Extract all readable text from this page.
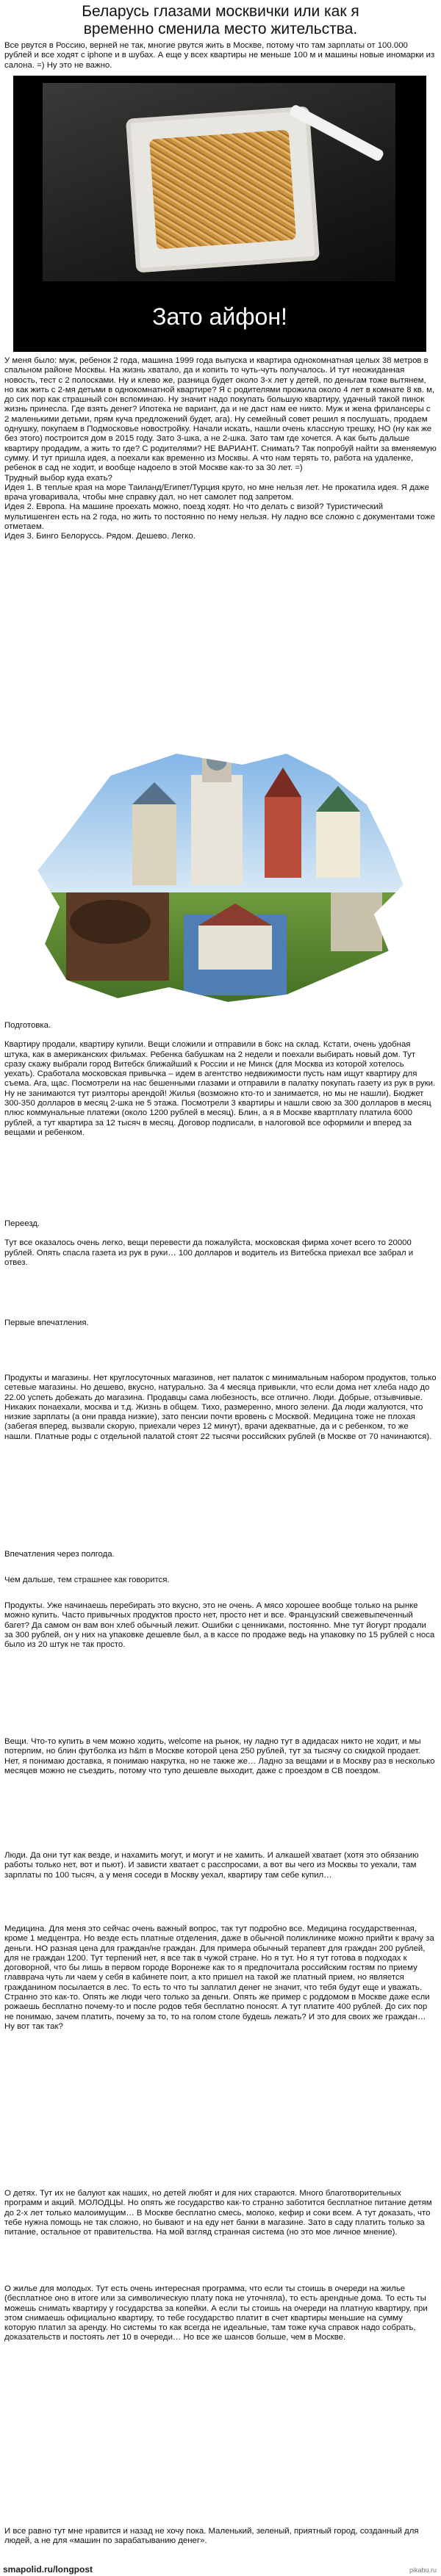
Беларусь глазами москвички или как я
временно сменила место жительства.

Все рвутся в Россию, верней не так, многие рвутся жить в Москве, потому что там зарплаты от 100.000 рублей и все ходят с iphone и в шубах. А еще у всех квартиры не меньше 100 м и машины новые иномарки из салона. =) Ну это не важно.

Зато айфон!
У меня было: муж, ребенок 2 года, машина 1999 года выпуска и квартира однокомнатная целых 38 метров в спальном районе Москвы. На жизнь хватало, да и копить то чуть-чуть получалось. И тут неожиданная новость, тест с 2 полосками. Ну и клево же, разница будет около 3-х лет у детей, по деньгам тоже вытянем, но как жить с 2-мя детьми в однокомнатной квартире? Я с родителями прожила около 4 лет в комнате 8 кв. м, до сих пор как страшный сон вспоминаю. Ну значит надо покупать большую квартиру, удачный такой пинок жизнь принесла. Где взять денег? Ипотека не вариант, да и не даст нам ее никто. Муж и жена фрилансеры с 2 маленькими детьми, прям куча предложений будет, ага). Ну семейный совет решил я послушать, продаем однушку, покупаем в Подмосковье новостройку. Начали искать, нашли очень классную трешку, НО (ну как же без этого) построится дом в 2015 году. Зато 3-шка, а не 2-шка. Зато там где хочется. А как быть дальше квартиру продадим, а жить то где? С родителями? НЕ ВАРИАНТ. Снимать? Так попробуй найти за вменяемую сумму. И тут пришла идея, а поехали как временно из Москвы. А что нам терять то, работа на удаленке, ребенок в сад не ходит, и вообще надоело в этой Москве как-то за 30 лет. =)
Трудный выбор куда ехать?
Идея 1. В теплые края на море Таиланд/Египет/Турция круто, но мне нельзя лет. Не прокатила идея. Я даже врача уговаривала, чтобы мне справку дал, но нет самолет под запретом.
Идея 2. Европа. На машине проехать можно, поезд ходят. Но что делать с визой? Туристический мультишенген есть на 2 года, но жить то постоянно по нему нельзя. Ну ладно все сложно с документами тоже отметаем.
Идея 3. Бинго Белоруссь. Рядом. Дешево. Легко.
Подготовка.
Квартиру продали, квартиру купили. Вещи сложили и отправили в бокс на склад. Кстати, очень удобная штука, как в американских фильмах. Ребенка бабушкам на 2 недели и поехали выбирать новый дом. Тут сразу скажу выбрали город Витебск ближайший к России и не Минск (для Москва из которой хотелось уехать). Сработала московская привычка – идем в агентство недвижимости пусть нам ищут квартиру для съема. Ага, щас. Посмотрели на наc бешенными глазами и отправили в палатку покупать газету из рук в руки. Ну не занимаются тут риэлторы арендой! Жилья (возможно кто-то и занимается, но мы не нашли). Бюджет 300-350 долларов в месяц 2-шка не 5 этажа. Посмотрели 3 квартиры и нашли свою за 300 долларов в месяц плюс коммунальные платежи (около 1200 рублей в месяц). Блин, а я в Москве квартплату платила 6000 рублей, а тут квартира за 12 тысяч в месяц. Договор подписали, в налоговой все оформили и вперед за вещами и ребенком.
Переезд.
Тут все оказалось очень легко, вещи перевести да пожалуйста, московская фирма хочет всего то 20000 рублей. Опять спасла газета из рук в руки… 100 долларов и водитель из Витебска приехал все забрал и отвез.

Первые впечатления.

Продукты и магазины. Нет круглосуточных магазинов, нет палаток с минимальным набором продуктов, только сетевые магазины. Но дешево, вкусно, натурально. За 4 месяца привыкли, что если дома нет хлеба надо до 22.00 успеть добежать до магазина. Продавцы сама любезность, все отлично. Люди. Добрые, отзывчивые. Никаких понаехали, москва и т.д. Жизнь в общем. Тихо, размеренно, много зелени. Да люди жалуются, что низкие зарплаты (а они правда низкие), зато пенсии почти вровень с Москвой. Медицина тоже не плохая (забегая вперед, вызвали скорую, приехали через 12 минут), врачи адекватные, да и с ребенком, то же нашли. Платные роды с отдельной палатой стоят 22 тысячи российских рублей (в Москве от 70 начинаются).

Впечатления через полгода.

Чем дальше, тем страшнее как говорится.

Продукты. Уже начинаешь перебирать это вкусно, это не очень. А мясо хорошее вообще только на рынке можно купить. Часто привычных продуктов просто нет, просто нет и все. Французский свежевыпеченный багет? Да самом он вам вон хлеб обычный лежит. Ошибки с ценниками, постоянно. Мне тут йогурт продали за 300 рублей, он у них на упаковке дешевле был, а в кассе по продаже ведь на упаковку по 15 рублей с носа было из 20 штук не так просто.

Вещи. Что-то купить в чем можно ходить, welcome на рынок, ну ладно тут в адидасах никто не ходит, и мы потерпим, но блин футболка из h&m в Москве которой цена 250 рублей, тут за тысячу со скидкой продает. Нет, я понимаю доставка, я понимаю накрутка, но не также же… Ладно за вещами и в Москву раз в несколько месяцев можно не съездить, потому что тупо дешевле выходит, даже с проездом в СВ поездом.

Люди. Да они тут как везде, и нахамить могут, и могут и не хамить. И алкашей хватает (хотя это обязанию работы только нет, вот и пьют). И зависти хватает с расспросами, а вот вы чего из Москвы то уехали, там зарплаты по 100 тысяч, а у меня соседи в Москву уехал, квартиру там себе купил…

Медицина. Для меня это сейчас очень важный вопрос, так тут подробно все. Медицина государственная, кроме 1 медцентра. Но везде есть платные отделения, даже в обычной поликлинике можно прийти к врачу за деньги. НО разная цена для граждан/не граждан. Для примера обычный терапевт для граждан 200 рублей, для не граждан 1200. Тут терпений нет, я все так в чужой стране. Но я тут. Но я тут готова в подходах к договорной, что бы лишь в первом городе Воронеже как то я предпочитала российским гостям по приему главврача чуть ли чаем у себя в кабинете поит, а кто пришел на такой же платный прием, но является гражданином посылается в лес. То есть то что ты заплатил денег не значит, что тебя будут еще и уважать. Странно это как-то. Опять же люди чего только за деньги. Опять же пример с роддомом в Москве даже если рожаешь бесплатно почему-то и после родов тебя бесплатно поносят. А тут платите 400 рублей. До сих пор не понимаю, зачем платить, почему за то, то на голом столе будешь лежать? И это для своих же граждан… Ну вот так так?

О детях. Тут их не балуют как наших, но детей любят и для них стараются. Много благотворительных программ и акций. МОЛОДЦЫ. Но опять же государство как-то странно заботится бесплатное питание детям до 2-х лет только малоимущим… В Москве бесплатно смесь, молоко, кефир и соки всем. А тут доказать, что тебе нужна помощь не так сложно, но бывают и на еду нет банки в магазине. Зато в саду платить только за питание, остальное от правительства. На мой взгляд странная система (но это мое личное мнение).

О жилье для молодых. Тут есть очень интересная программа, что если ты стоишь в очереди на жилье (бесплатное оно в итоге или за символическую плату пока не уточняла), то есть арендные дома. То есть ты можешь снимать квартиру у государства за копейки. А если ты стоишь на очереди на платную квартиру, при этом снимаешь официально квартиру, то тебе государство платит в счет квартиры меньшие на сумму которую платил за аренду. Но системы то как всегда не идеальные, там тоже куча справок надо собрать, доказательств и постоять лет 10 в очереди… Но все же шансов больше, чем в Москве.

И все равно тут мне нравится и назад не хочу пока. Маленький, зеленый, приятный город, созданный для людей, а не для «машин по зарабатыванию денег».

smapolid.ru/longpost	pikabu.ru
